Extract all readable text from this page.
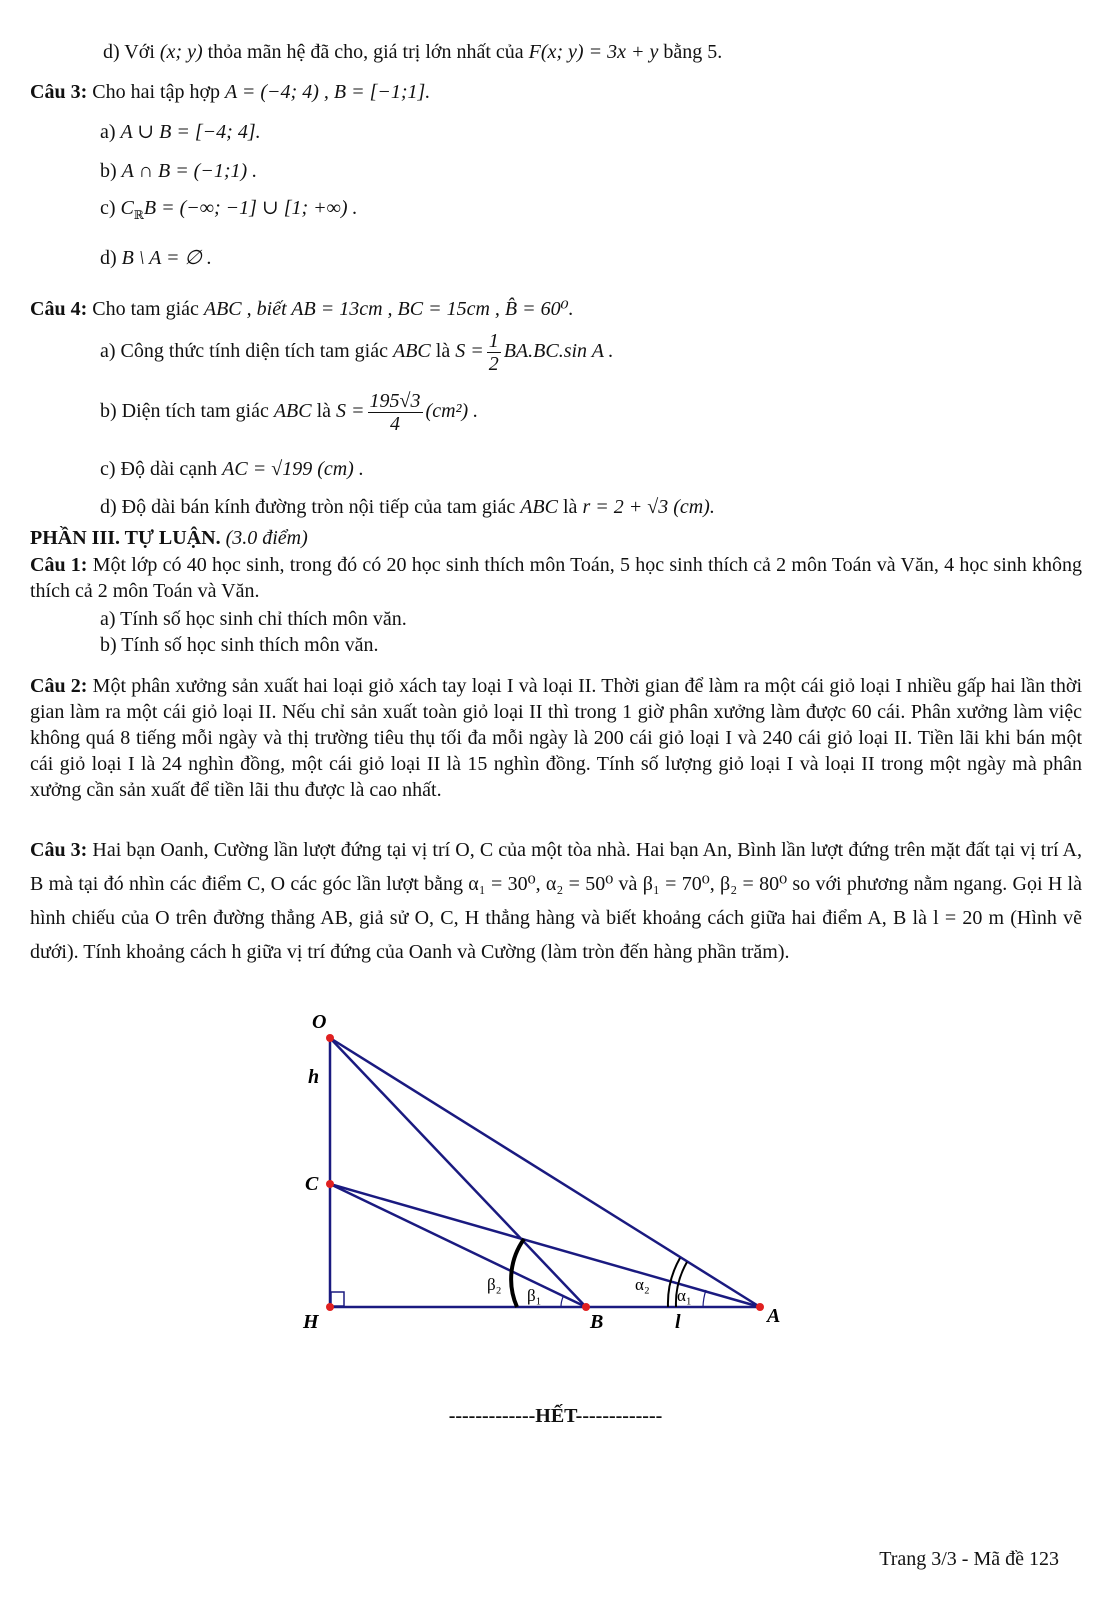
d) Với (x; y) thỏa mãn hệ đã cho, giá trị lớn nhất của F(x; y) = 3x + y bằng 5.
Câu 3: Cho hai tập hợp A = (−4; 4) , B = [−1;1].
a) A ∪ B = [−4; 4].
b) A ∩ B = (−1;1) .
c) $C_ℝB$ = (−∞; −1] ∪ [1; +∞) .
d) B \ A = ∅ .
Câu 4: Cho tam giác ABC , biết AB = 13cm , BC = 15cm , B̂ = 60⁰.
a) Công thức tính diện tích tam giác ABC là $S = \frac{1}{2} BA.BC.\sin$ A .
b) Diện tích tam giác ABC là $S = \frac{195√3}{4} (cm^2)$ .
c) Độ dài cạnh AC = √199 (cm) .
d) Độ dài bán kính đường tròn nội tiếp của tam giác ABC là r = 2 + √3 (cm).
PHẦN III. TỰ LUẬN. (3.0 điểm)
Câu 1: Một lớp có 40 học sinh, trong đó có 20 học sinh thích môn Toán, 5 học sinh thích cả 2 môn Toán và Văn, 4 học sinh không thích cả 2 môn Toán và Văn.
a) Tính số học sinh chỉ thích môn văn.
b) Tính số học sinh thích môn văn.
Câu 2: Một phân xưởng sản xuất hai loại giỏ xách tay loại I và loại II. Thời gian để làm ra một cái giỏ loại I nhiều gấp hai lần thời gian làm ra một cái giỏ loại II. Nếu chỉ sản xuất toàn giỏ loại II thì trong 1 giờ phân xưởng làm được 60 cái. Phân xưởng làm việc không quá 8 tiếng mỗi ngày và thị trường tiêu thụ tối đa mỗi ngày là 200 cái giỏ loại I và 240 cái giỏ loại II. Tiền lãi khi bán một cái giỏ loại I là 24 nghìn đồng, một cái giỏ loại II là 15 nghìn đồng. Tính số lượng giỏ loại I và loại II trong một ngày mà phân xưởng cần sản xuất để tiền lãi thu được là cao nhất.
Câu 3: Hai bạn Oanh, Cường lần lượt đứng tại vị trí O, C của một tòa nhà. Hai bạn An, Bình lần lượt đứng trên mặt đất tại vị trí A, B mà tại đó nhìn các điểm C, O các góc lần lượt bằng α₁ = 30⁰, α₂ = 50⁰ và β₁ = 70⁰, β₂ = 80⁰ so với phương nằm ngang. Gọi H là hình chiếu của O trên đường thẳng AB, giả sử O, C, H thẳng hàng và biết khoảng cách giữa hai điểm A, B là l = 20 m (Hình vẽ dưới). Tính khoảng cách h giữa vị trí đứng của Oanh và Cường (làm tròn đến hàng phần trăm).
O
h
C
H	B	l	A
β₂
β₁
α₂
α₁
-------------HẾT-------------
Trang 3/3 - Mã đề 123
